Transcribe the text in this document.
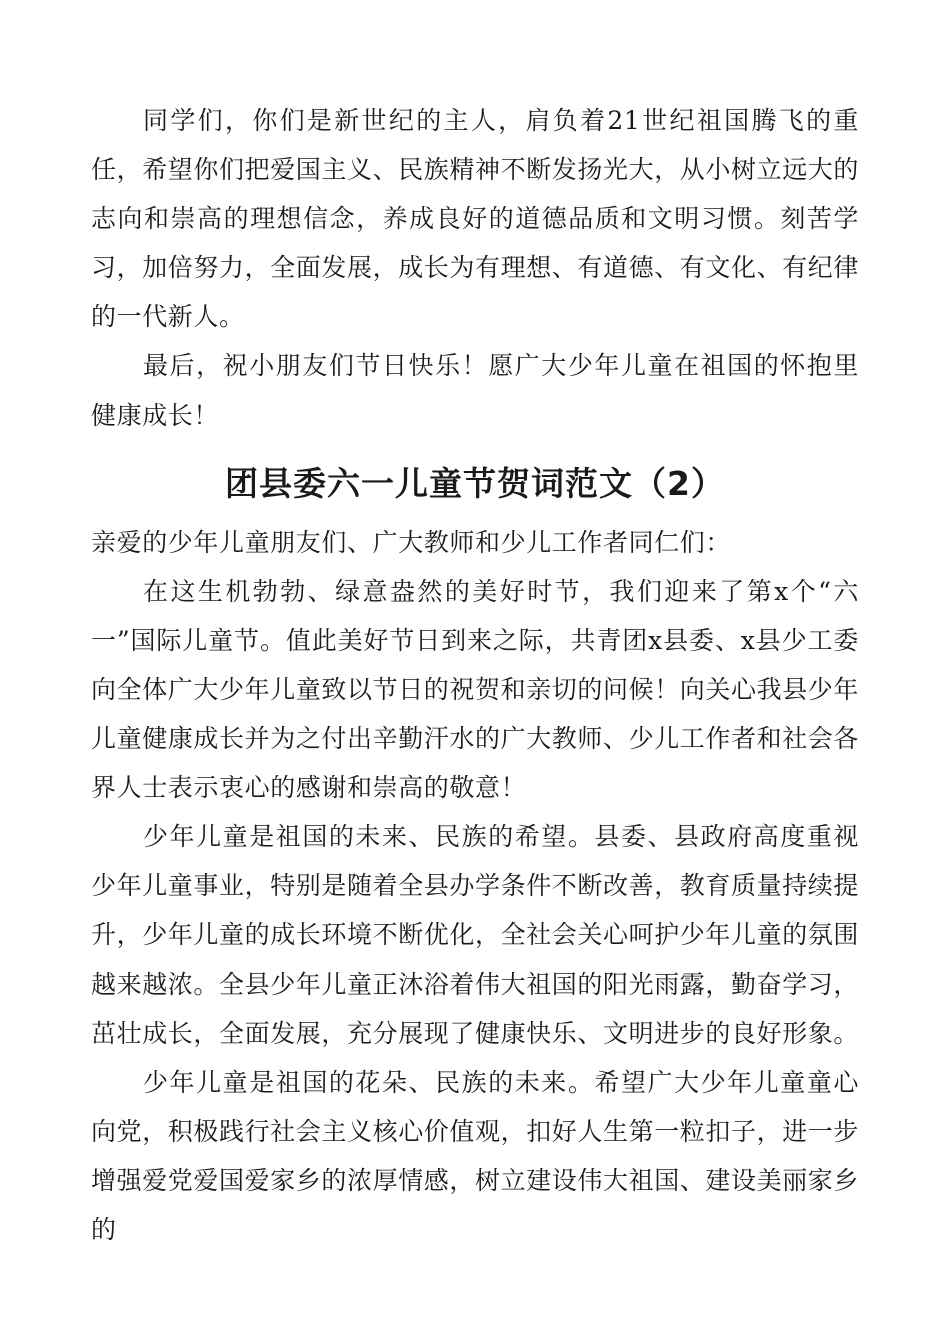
同学们，你们是新世纪的主人，肩负着21世纪祖国腾飞的重任，希望你们把爱国主义、民族精神不断发扬光大，从小树立远大的志向和崇高的理想信念，养成良好的道德品质和文明习惯。刻苦学习，加倍努力，全面发展，成长为有理想、有道德、有文化、有纪律的一代新人。

最后，祝小朋友们节日快乐！愿广大少年儿童在祖国的怀抱里健康成长！

团县委六一儿童节贺词范文（2）

亲爱的少年儿童朋友们、广大教师和少儿工作者同仁们：

在这生机勃勃、绿意盎然的美好时节，我们迎来了第x个“六一”国际儿童节。值此美好节日到来之际，共青团x县委、x县少工委向全体广大少年儿童致以节日的祝贺和亲切的问候！向关心我县少年儿童健康成长并为之付出辛勤汗水的广大教师、少儿工作者和社会各界人士表示衷心的感谢和崇高的敬意！

少年儿童是祖国的未来、民族的希望。县委、县政府高度重视少年儿童事业，特别是随着全县办学条件不断改善，教育质量持续提升，少年儿童的成长环境不断优化，全社会关心呵护少年儿童的氛围越来越浓。全县少年儿童正沐浴着伟大祖国的阳光雨露，勤奋学习，茁壮成长，全面发展，充分展现了健康快乐、文明进步的良好形象。

少年儿童是祖国的花朵、民族的未来。希望广大少年儿童童心向党，积极践行社会主义核心价值观，扣好人生第一粒扣子，进一步增强爱党爱国爱家乡的浓厚情感，树立建设伟大祖国、建设美丽家乡的
